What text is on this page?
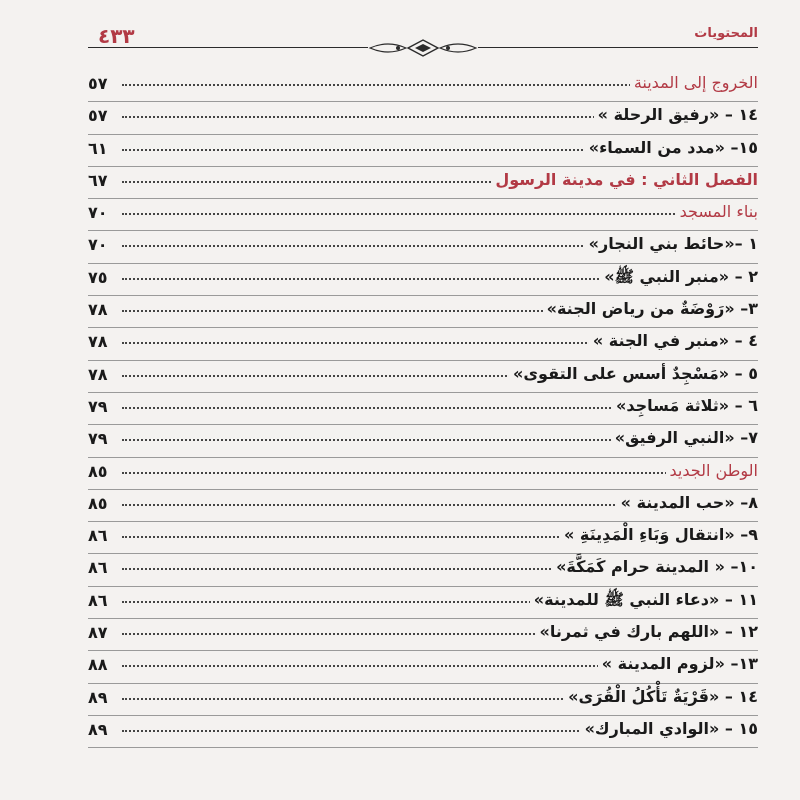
٤٣٣	المحتويات
الخروج إلى المدينة
٥٧
١٤ – «رفيق الرحلة »
٥٧
١٥– «مدد من السماء»
٦١
الفصل الثاني : في مدينة الرسول
٦٧
بناء المسجد
٧٠
١ –«حائط بني النجار»
٧٠
٢ – «منبر النبي ﷺ»
٧٥
٣– «رَوْضَةٌ من رياض الجنة»
٧٨
٤ – «منبر في الجنة »
٧٨
٥ – «مَسْجِدٌ أسس على التقوى»
٧٨
٦ – «ثلاثة مَساجِد»
٧٩
٧– «النبي الرفيق»
٧٩
الوطن الجديد
٨٥
٨– «حب المدينة »
٨٥
٩– «انتقال وَبَاءِ الْمَدِينَةِ »
٨٦
١٠– « المدينة حرام كَمَكَّةَ»
٨٦
١١ – «دعاء النبي ﷺ للمدينة»
٨٦
١٢ – «اللهم بارك في ثمرنا»
٨٧
١٣– «لزوم المدينة »
٨٨
١٤ – «قَرْيَةٌ تَأْكُلُ الْقُرَى»
٨٩
١٥ – «الوادي المبارك»
٨٩
